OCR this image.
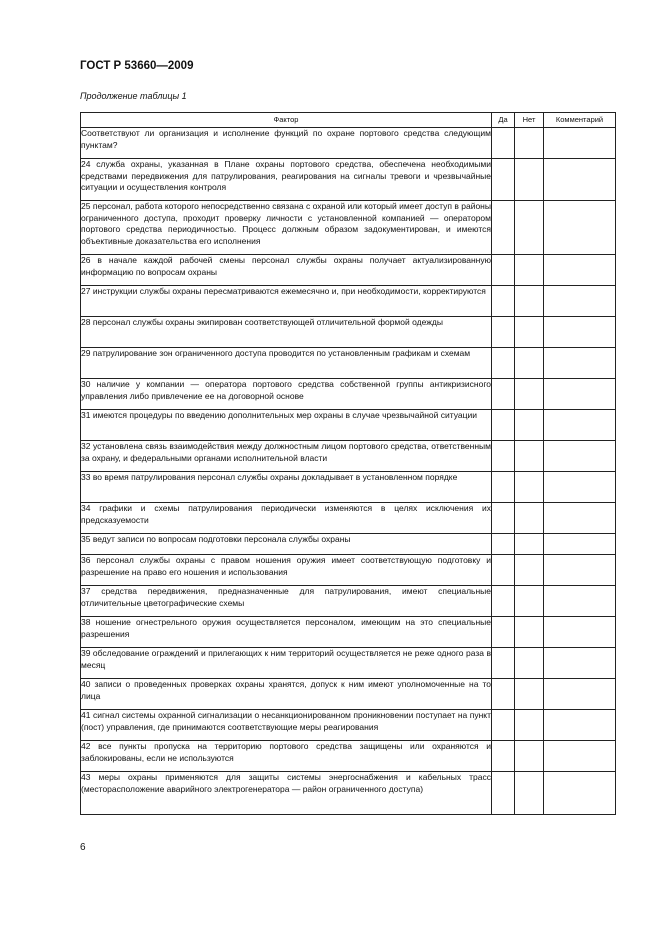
ГОСТ Р 53660—2009
Продолжение таблицы 1
Фактор	Да	Нет	Комментарий
Соответствуют ли организация и исполнение функций по охране портового средства следующим пунктам?			
24 служба охраны, указанная в Плане охраны портового средства, обеспечена необходимыми средствами передвижения для патрулирования, реагирования на сигналы тревоги и чрезвычайные ситуации и осуществления контроля			
25 персонал, работа которого непосредственно связана с охраной или который имеет доступ в районы ограниченного доступа, проходит проверку личности с установленной компанией — оператором портового средства периодичностью. Процесс должным образом задокументирован, и имеются объективные доказательства его исполнения			
26 в начале каждой рабочей смены персонал службы охраны получает актуализированную информацию по вопросам охраны			
27 инструкции службы охраны пересматриваются ежемесячно и, при необходимости, корректируются			
28 персонал службы охраны экипирован соответствующей отличительной формой одежды			
29 патрулирование зон ограниченного доступа проводится по установленным графикам и схемам			
30 наличие у компании — оператора портового средства собственной группы антикризисного управления либо привлечение ее на договорной основе			
31 имеются процедуры по введению дополнительных мер охраны в случае чрезвычайной ситуации			
32 установлена связь взаимодействия между должностным лицом портового средства, ответственным за охрану, и федеральными органами исполнительной власти			
33 во время патрулирования персонал службы охраны докладывает в установленном порядке			
34 графики и схемы патрулирования периодически изменяются в целях исключения их предсказуемости			
35 ведут записи по вопросам подготовки персонала службы охраны			
36 персонал службы охраны с правом ношения оружия имеет соответствующую подготовку и разрешение на право его ношения и использования			
37 средства передвижения, предназначенные для патрулирования, имеют специальные отличительные цветографические схемы			
38 ношение огнестрельного оружия осуществляется персоналом, имеющим на это специальные разрешения			
39 обследование ограждений и прилегающих к ним территорий осуществляется не реже одного раза в месяц			
40 записи о проведенных проверках охраны хранятся, допуск к ним имеют уполномоченные на то лица			
41 сигнал системы охранной сигнализации о несанкционированном проникновении поступает на пункт (пост) управления, где принимаются соответствующие меры реагирования			
42 все пункты пропуска на территорию портового средства защищены или охраняются и заблокированы, если не используются			
43 меры охраны применяются для защиты системы энергоснабжения и кабельных трасс (месторасположение аварийного электрогенератора — район ограниченного доступа)			
6
